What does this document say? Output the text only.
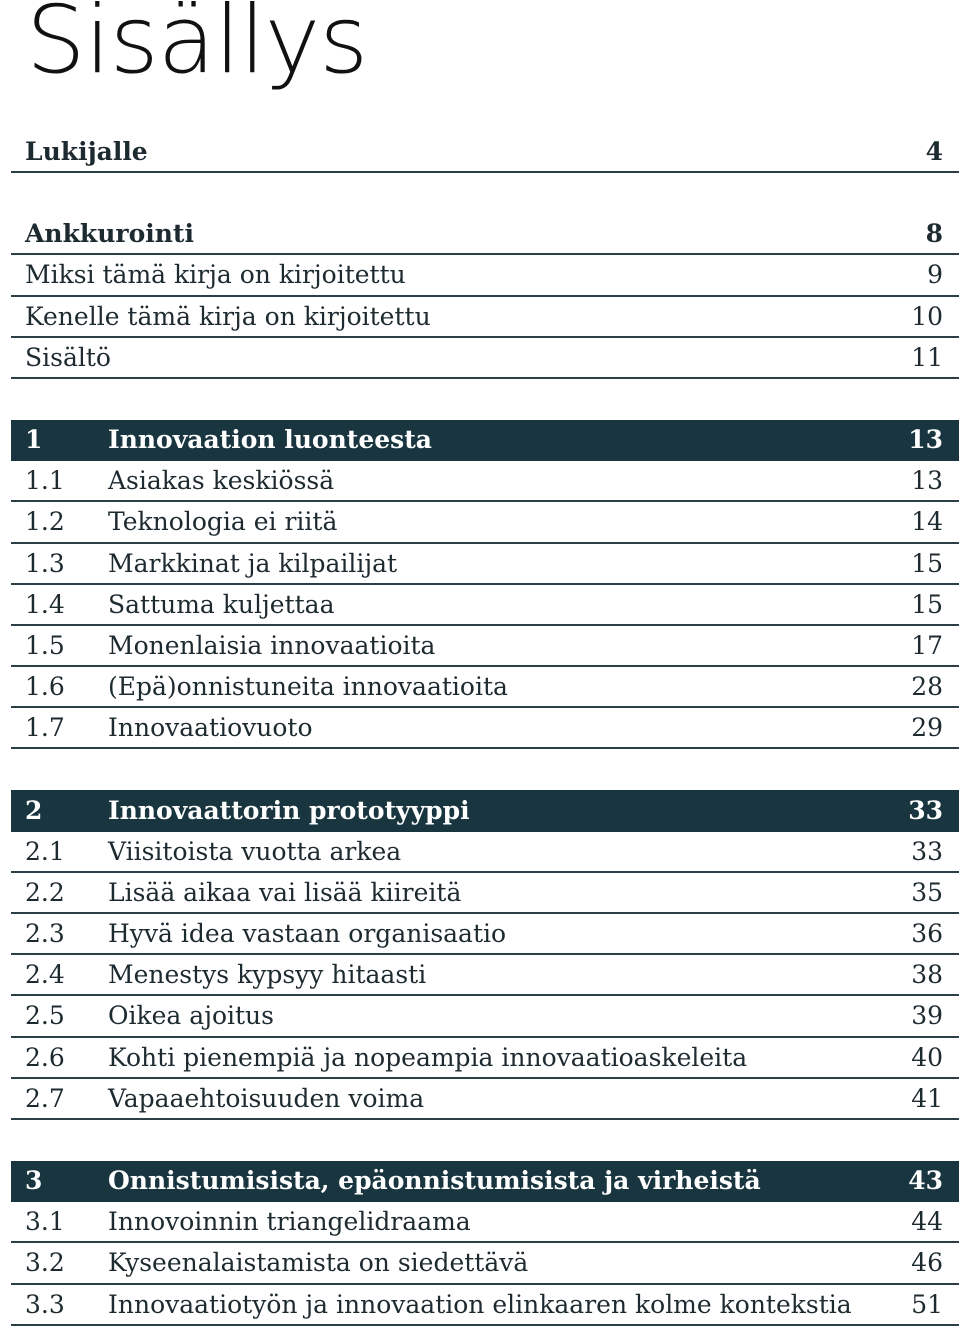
Sisällys
Lukijalle	4
Ankkurointi	8
Miksi tämä kirja on kirjoitettu	9
Kenelle tämä kirja on kirjoitettu	10
Sisältö	11
1	Innovaation luonteesta	13
1.1 Asiakas keskiössä	13
1.2 Teknologia ei riitä	14
1.3 Markkinat ja kilpailijat	15
1.4 Sattuma kuljettaa	15
1.5 Monenlaisia innovaatioita	17
1.6 (Epä)onnistuneita innovaatioita	28
1.7 Innovaatiovuoto	29
2	Innovaattorin prototyyppi	33
2.1 Viisitoista vuotta arkea	33
2.2 Lisää aikaa vai lisää kiireitä	35
2.3 Hyvä idea vastaan organisaatio	36
2.4 Menestys kypsyy hitaasti	38
2.5 Oikea ajoitus	39
2.6 Kohti pienempiä ja nopeampia innovaatioaskeleita	40
2.7 Vapaaehtoisuuden voima	41
3	Onnistumisista, epäonnistumisista ja virheistä	43
3.1 Innovoinnin triangelidraama	44
3.2 Kyseenalaistamista on siedettävä	46
3.3 Innovaatiotyön ja innovaation elinkaaren kolme kontekstia 51
